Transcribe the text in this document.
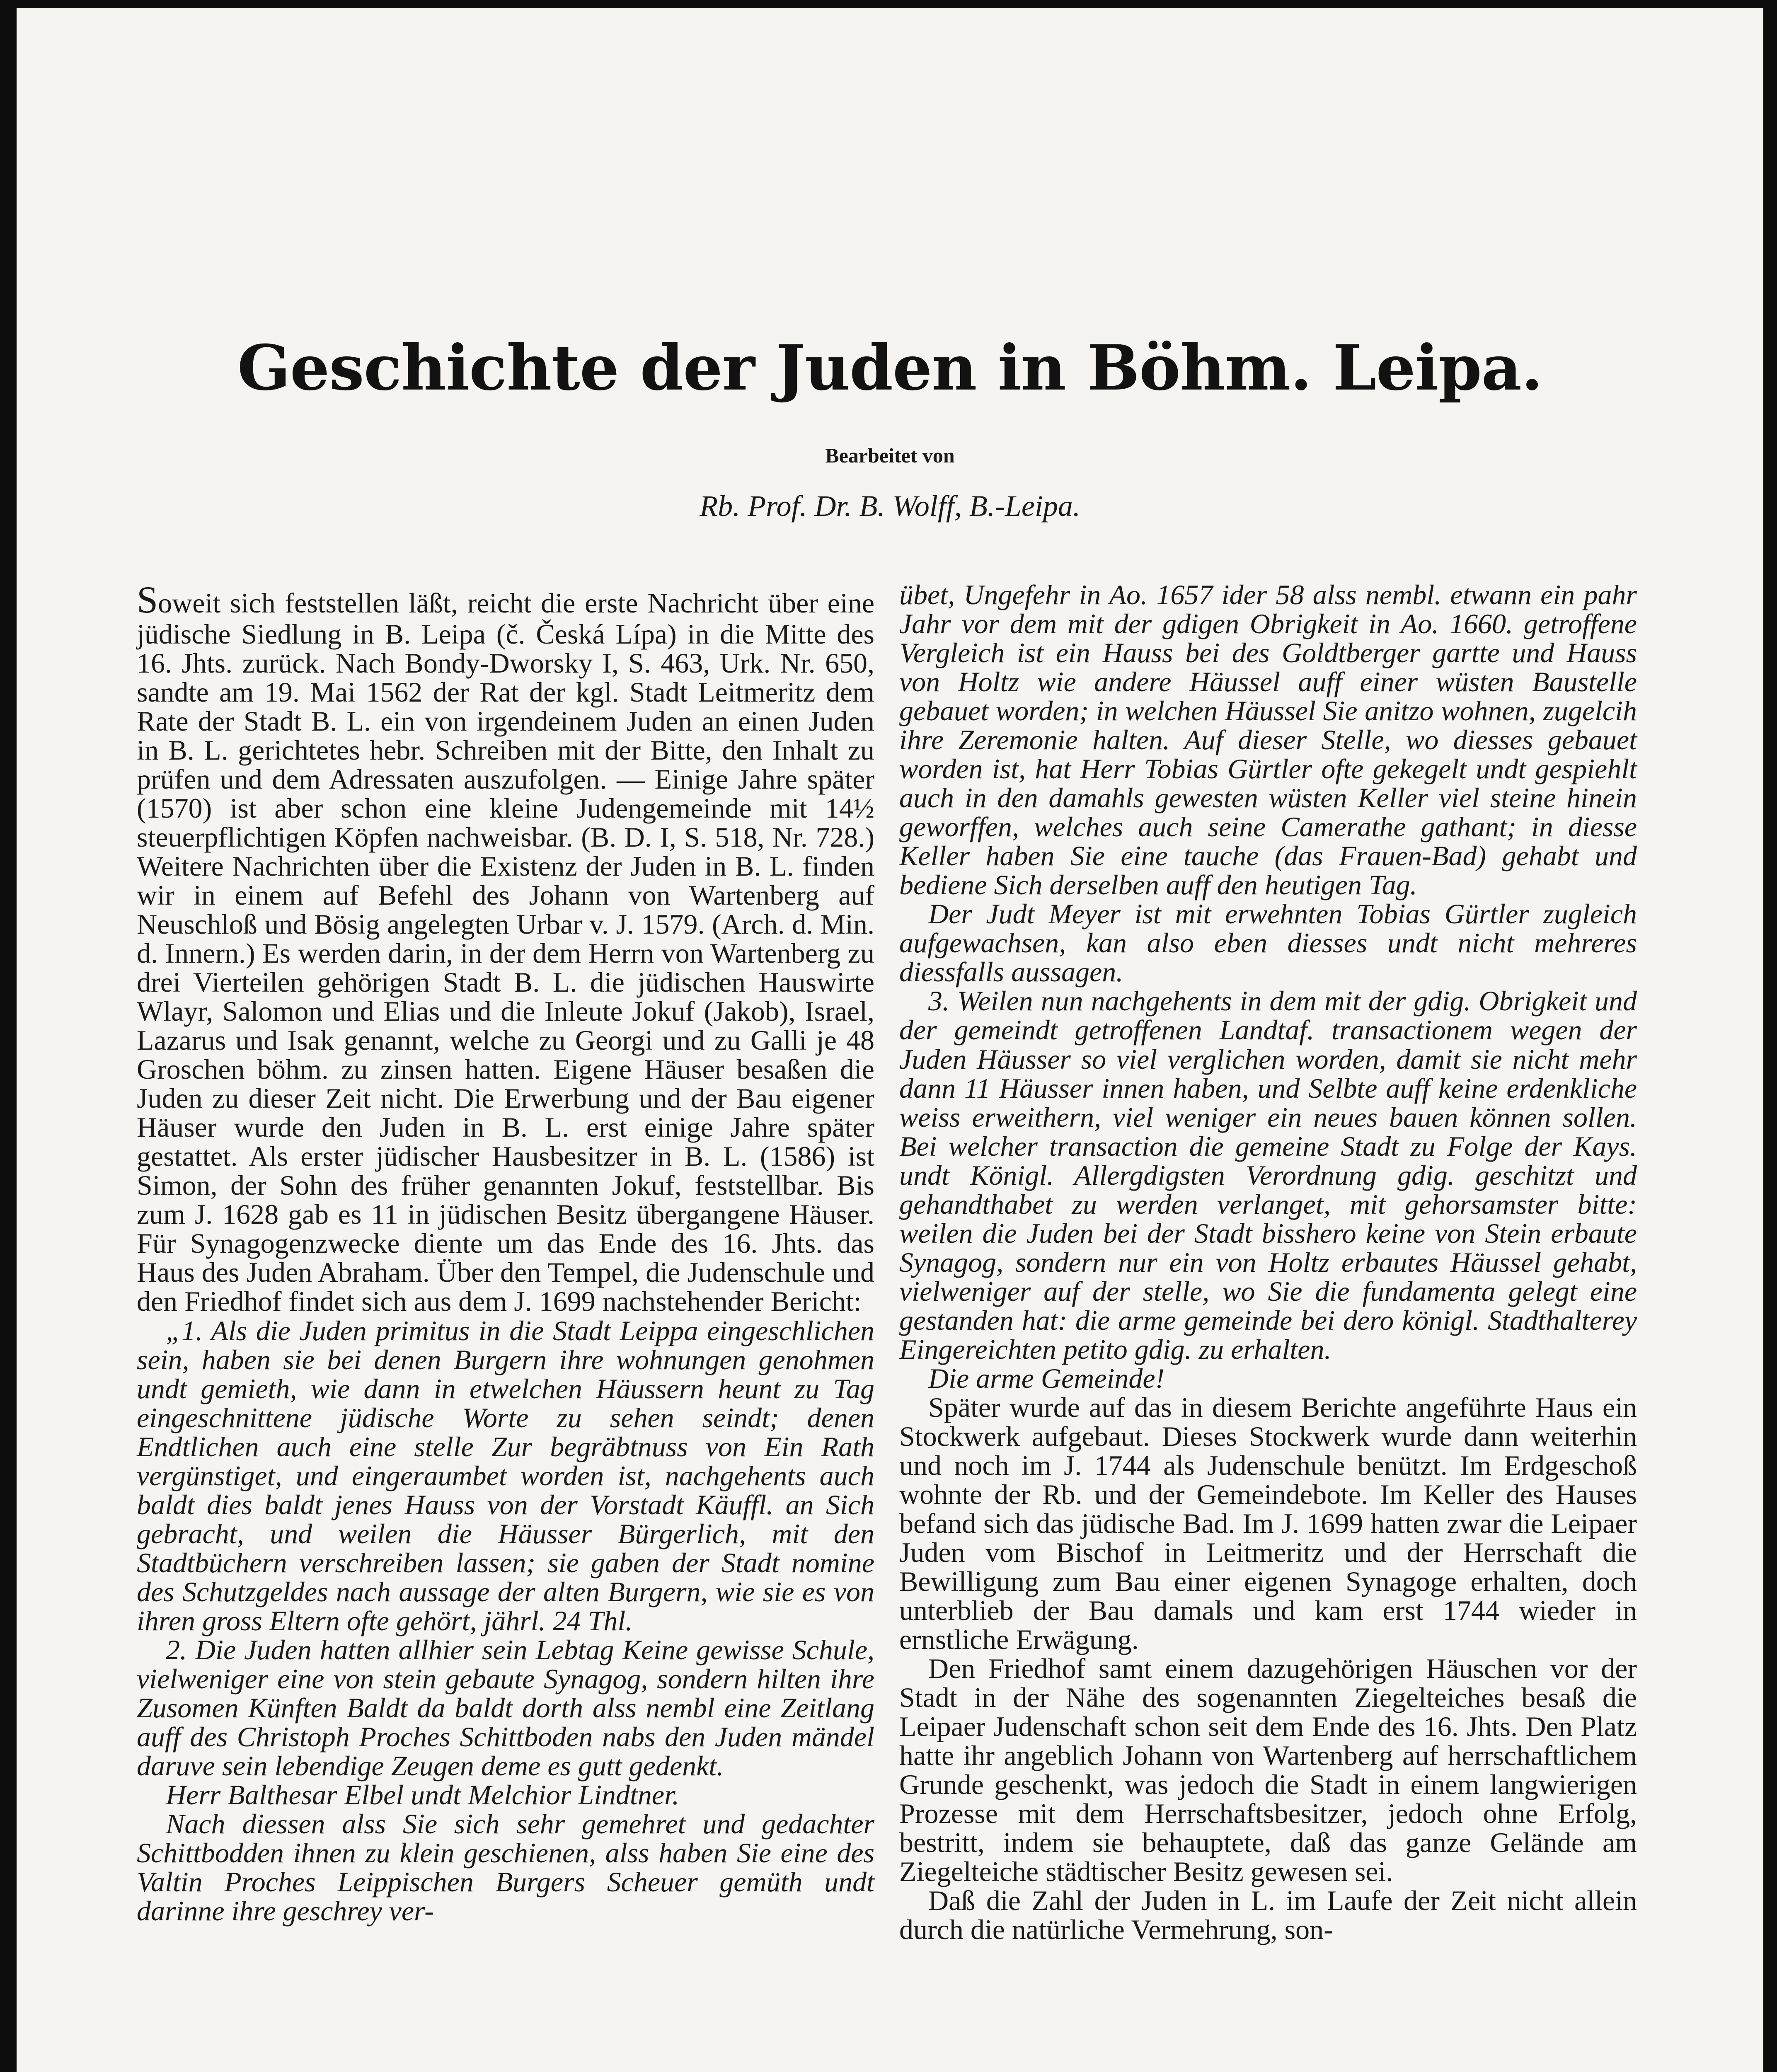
Geschichte der Juden in Böhm. Leipa.
Bearbeitet von
Rb. Prof. Dr. B. Wolff, B.-Leipa.

Soweit sich feststellen läßt, reicht die erste Nachricht über eine jüdische Siedlung in B. Leipa (č. Česká Lípa) in die Mitte des 16. Jhts. zurück. Nach Bondy-Dworsky I, S. 463, Urk. Nr. 650, sandte am 19. Mai 1562 der Rat der kgl. Stadt Leitmeritz dem Rate der Stadt B. L. ein von irgendeinem Juden an einen Juden in B. L. gerichtetes hebr. Schreiben mit der Bitte, den Inhalt zu prüfen und dem Adressaten auszufolgen. — Einige Jahre später (1570) ist aber schon eine kleine Judengemeinde mit 14½ steuerpflichtigen Köpfen nachweisbar. (B. D. I, S. 518, Nr. 728.) Weitere Nachrichten über die Existenz der Juden in B. L. finden wir in einem auf Befehl des Johann von Wartenberg auf Neuschloß und Bösig angelegten Urbar v. J. 1579. (Arch. d. Min. d. Innern.) Es werden darin, in der dem Herrn von Wartenberg zu drei Vierteilen gehörigen Stadt B. L. die jüdischen Hauswirte Wlayr, Salomon und Elias und die Inleute Jokuf (Jakob), Israel, Lazarus und Isak genannt, welche zu Georgi und zu Galli je 48 Groschen böhm. zu zinsen hatten. Eigene Häuser besaßen die Juden zu dieser Zeit nicht. Die Erwerbung und der Bau eigener Häuser wurde den Juden in B. L. erst einige Jahre später gestattet. Als erster jüdischer Hausbesitzer in B. L. (1586) ist Simon, der Sohn des früher genannten Jokuf, feststellbar. Bis zum J. 1628 gab es 11 in jüdischen Besitz übergangene Häuser. Für Synagogenzwecke diente um das Ende des 16. Jhts. das Haus des Juden Abraham. Über den Tempel, die Judenschule und den Friedhof findet sich aus dem J. 1699 nachstehender Bericht:

„1. Als die Juden primitus in die Stadt Leippa eingeschlichen sein, haben sie bei denen Burgern ihre wohnungen genohmen undt gemieth, wie dann in etwelchen Häussern heunt zu Tag eingeschnittene jüdische Worte zu sehen seindt; denen Endtlichen auch eine stelle Zur begräbtnuss von Ein Rath vergünstiget, und eingeraumbet worden ist, nachgehents auch baldt dies baldt jenes Hauss von der Vorstadt Käuffl. an Sich gebracht, und weilen die Häusser Bürgerlich, mit den Stadtbüchern verschreiben lassen; sie gaben der Stadt nomine des Schutzgeldes nach aussage der alten Burgern, wie sie es von ihren gross Eltern ofte gehört, jährl. 24 Thl.

2. Die Juden hatten allhier sein Lebtag Keine gewisse Schule, vielweniger eine von stein gebaute Synagog, sondern hilten ihre Zusomen Künften Baldt da baldt dorth alss nembl eine Zeitlang auff des Christoph Proches Schittboden nabs den Juden mändel daruve sein lebendige Zeugen deme es gutt gedenkt.

Herr Balthesar Elbel undt Melchior Lindtner.

Nach diessen alss Sie sich sehr gemehret und gedachter Schittbodden ihnen zu klein geschienen, alss haben Sie eine des Valtin Proches Leippischen Burgers Scheuer gemüth undt darinne ihre geschrey ver-

übet, Ungefehr in Ao. 1657 ider 58 alss nembl. etwann ein pahr Jahr vor dem mit der gdigen Obrigkeit in Ao. 1660. getroffene Vergleich ist ein Hauss bei des Goldtberger gartte und Hauss von Holtz wie andere Häussel auff einer wüsten Baustelle gebauet worden; in welchen Häussel Sie anitzo wohnen, zugelcih ihre Zeremonie halten. Auf dieser Stelle, wo diesses gebauet worden ist, hat Herr Tobias Gürtler ofte gekegelt undt gespiehlt auch in den damahls gewesten wüsten Keller viel steine hinein geworffen, welches auch seine Camerathe gathant; in diesse Keller haben Sie eine tauche (das Frauen-Bad) gehabt und bediene Sich derselben auff den heutigen Tag.

Der Judt Meyer ist mit erwehnten Tobias Gürtler zugleich aufgewachsen, kan also eben diesses undt nicht mehreres diessfalls aussagen.

3. Weilen nun nachgehents in dem mit der gdig. Obrigkeit und der gemeindt getroffenen Landtaf. transactionem wegen der Juden Häusser so viel verglichen worden, damit sie nicht mehr dann 11 Häusser innen haben, und Selbte auff keine erdenkliche weiss erweithern, viel weniger ein neues bauen können sollen. Bei welcher transaction die gemeine Stadt zu Folge der Kays. undt Königl. Allergdigsten Verordnung gdig. geschitzt und gehandthabet zu werden verlanget, mit gehorsamster bitte: weilen die Juden bei der Stadt bisshero keine von Stein erbaute Synagog, sondern nur ein von Holtz erbautes Häussel gehabt, vielweniger auf der stelle, wo Sie die fundamenta gelegt eine gestanden hat: die arme gemeinde bei dero königl. Stadthalterey Eingereichten petito gdig. zu erhalten.

Die arme Gemeinde!

Später wurde auf das in diesem Berichte angeführte Haus ein Stockwerk aufgebaut. Dieses Stockwerk wurde dann weiterhin und noch im J. 1744 als Judenschule benützt. Im Erdgeschoß wohnte der Rb. und der Gemeindebote. Im Keller des Hauses befand sich das jüdische Bad. Im J. 1699 hatten zwar die Leipaer Juden vom Bischof in Leitmeritz und der Herrschaft die Bewilligung zum Bau einer eigenen Synagoge erhalten, doch unterblieb der Bau damals und kam erst 1744 wieder in ernstliche Erwägung.

Den Friedhof samt einem dazugehörigen Häuschen vor der Stadt in der Nähe des sogenannten Ziegelteiches besaß die Leipaer Judenschaft schon seit dem Ende des 16. Jhts. Den Platz hatte ihr angeblich Johann von Wartenberg auf herrschaftlichem Grunde geschenkt, was jedoch die Stadt in einem langwierigen Prozesse mit dem Herrschaftsbesitzer, jedoch ohne Erfolg, bestritt, indem sie behauptete, daß das ganze Gelände am Ziegelteiche städtischer Besitz gewesen sei.

Daß die Zahl der Juden in L. im Laufe der Zeit nicht allein durch die natürliche Vermehrung, son-
